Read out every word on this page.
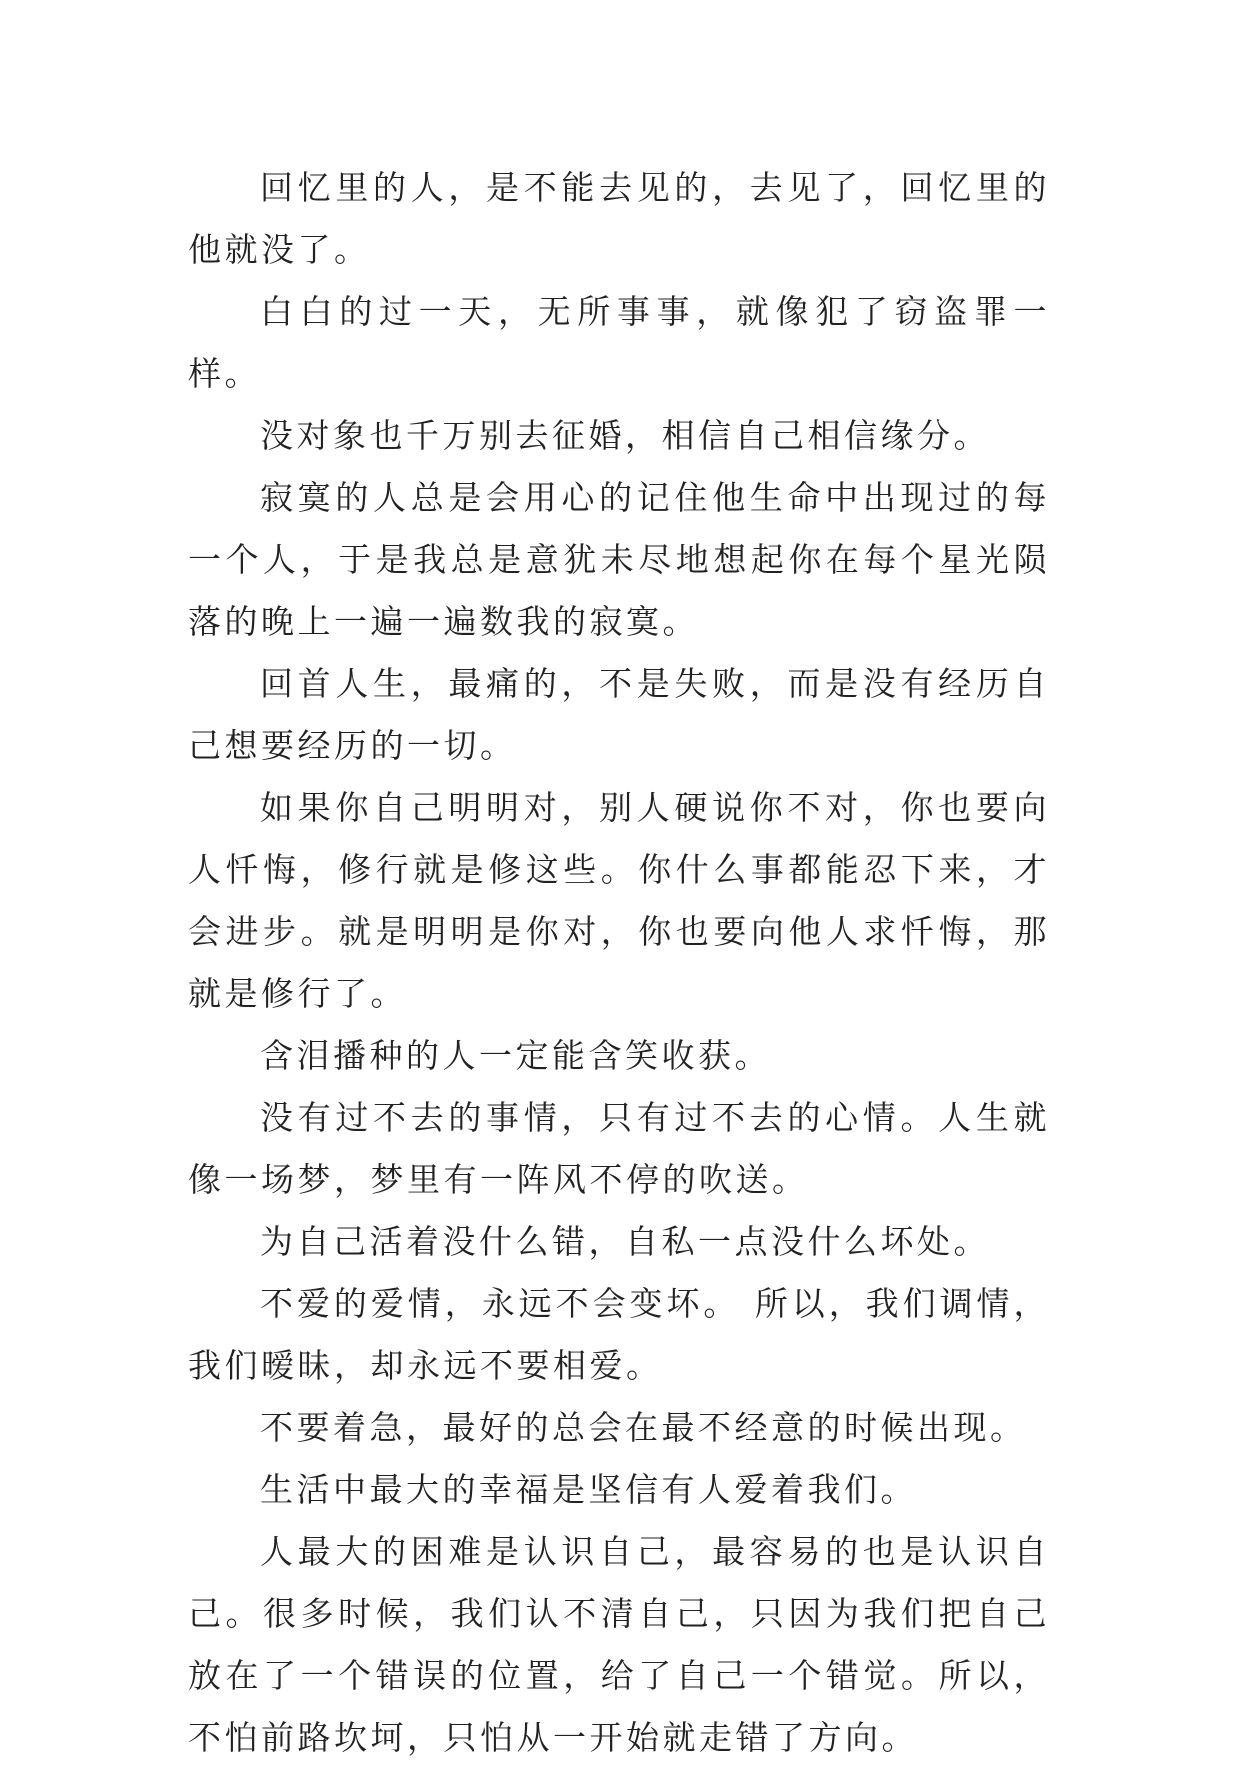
回忆里的人，是不能去见的，去见了，回忆里的他就没了。

白白的过一天，无所事事，就像犯了窃盗罪一样。

没对象也千万别去征婚，相信自己相信缘分。

寂寞的人总是会用心的记住他生命中出现过的每一个人，于是我总是意犹未尽地想起你在每个星光陨落的晚上一遍一遍数我的寂寞。

回首人生，最痛的，不是失败，而是没有经历自己想要经历的一切。

如果你自己明明对，别人硬说你不对，你也要向人忏悔，修行就是修这些。你什么事都能忍下来，才会进步。就是明明是你对，你也要向他人求忏悔，那就是修行了。

含泪播种的人一定能含笑收获。

没有过不去的事情，只有过不去的心情。人生就像一场梦，梦里有一阵风不停的吹送。

为自己活着没什么错，自私一点没什么坏处。

不爱的爱情，永远不会变坏。 所以，我们调情，我们暧昧，却永远不要相爱。

不要着急，最好的总会在最不经意的时候出现。

生活中最大的幸福是坚信有人爱着我们。

人最大的困难是认识自己，最容易的也是认识自己。很多时候，我们认不清自己，只因为我们把自己放在了一个错误的位置，给了自己一个错觉。所以，不怕前路坎坷，只怕从一开始就走错了方向。
